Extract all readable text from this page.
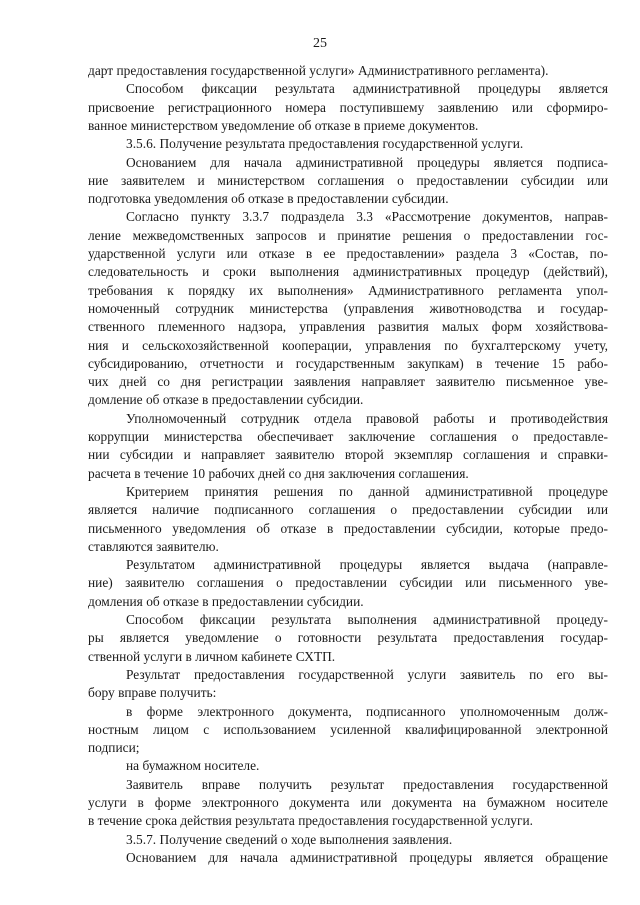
25
дарт предоставления государственной услуги» Административного регламента).
Способом фиксации результата административной процедуры является
присвоение регистрационного номера поступившему заявлению или сформиро-
ванное министерством уведомление об отказе в приеме документов.
3.5.6. Получение результата предоставления государственной услуги.
Основанием для начала административной процедуры является подписа-
ние заявителем и министерством соглашения о предоставлении субсидии или
подготовка уведомления об отказе в предоставлении субсидии.
Согласно пункту 3.3.7 подраздела 3.3 «Рассмотрение документов, направ-
ление межведомственных запросов и принятие решения о предоставлении гос-
ударственной услуги или отказе в ее предоставлении» раздела 3 «Состав, по-
следовательность и сроки выполнения административных процедур (действий),
требования к порядку их выполнения» Административного регламента упол-
номоченный сотрудник министерства (управления животноводства и государ-
ственного племенного надзора, управления развития малых форм хозяйствова-
ния и сельскохозяйственной кооперации, управления по бухгалтерскому учету,
субсидированию, отчетности и государственным закупкам) в течение 15 рабо-
чих дней со дня регистрации заявления направляет заявителю письменное уве-
домление об отказе в предоставлении субсидии.
Уполномоченный сотрудник отдела правовой работы и противодействия
коррупции министерства обеспечивает заключение соглашения о предоставле-
нии субсидии и направляет заявителю второй экземпляр соглашения и справки-
расчета в течение 10 рабочих дней со дня заключения соглашения.
Критерием принятия решения по данной административной процедуре
является наличие подписанного соглашения о предоставлении субсидии или
письменного уведомления об отказе в предоставлении субсидии, которые предо-
ставляются заявителю.
Результатом административной процедуры является выдача (направле-
ние) заявителю соглашения о предоставлении субсидии или письменного уве-
домления об отказе в предоставлении субсидии.
Способом фиксации результата выполнения административной процеду-
ры является уведомление о готовности результата предоставления государ-
ственной услуги в личном кабинете СХТП.
Результат предоставления государственной услуги заявитель по его вы-
бору вправе получить:
в форме электронного документа, подписанного уполномоченным долж-
ностным лицом с использованием усиленной квалифицированной электронной
подписи;
на бумажном носителе.
Заявитель вправе получить результат предоставления государственной
услуги в форме электронного документа или документа на бумажном носителе
в течение срока действия результата предоставления государственной услуги.
3.5.7. Получение сведений о ходе выполнения заявления.
Основанием для начала административной процедуры является обращение
